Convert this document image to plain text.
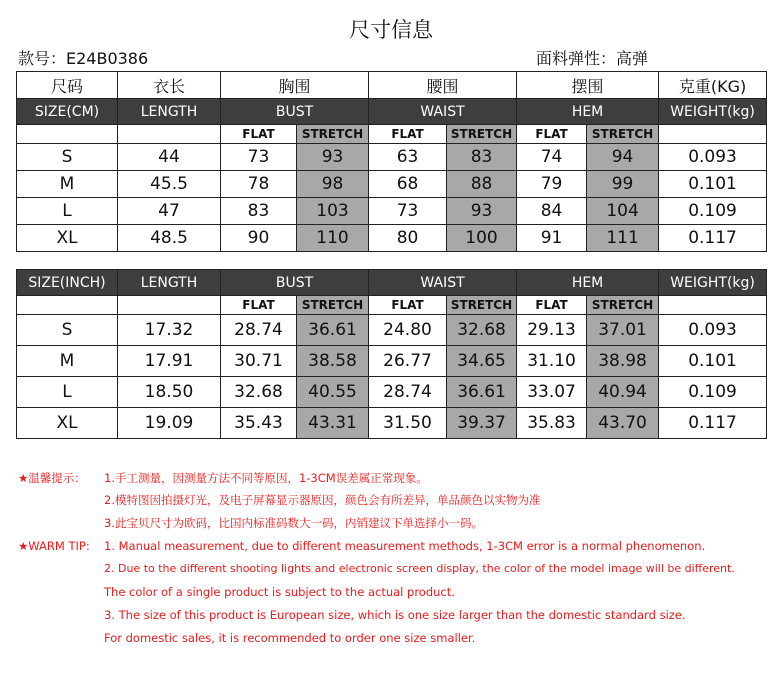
尺寸信息
款号：E24B0386	面料弹性：高弹
尺码	衣长	胸围		腰围		摆围		克重(KG)
SIZE(CM)	LENGTH	BUST		WAIST		HEM		WEIGHT(kg)
		FLAT	STRETCH	FLAT	STRETCH	FLAT	STRETCH	
S	44	73	93	63	83	74	94	0.093
M	45.5	78	98	68	88	79	99	0.101
L	47	83	103	73	93	84	104	0.109
XL	48.5	90	110	80	100	91	111	0.117
SIZE(INCH)	LENGTH	BUST		WAIST		HEM		WEIGHT(kg)
		FLAT	STRETCH	FLAT	STRETCH	FLAT	STRETCH	
S	17.32	28.74	36.61	24.80	32.68	29.13	37.01	0.093
M	17.91	30.71	38.58	26.77	34.65	31.10	38.98	0.101
L	18.50	32.68	40.55	28.74	36.61	33.07	40.94	0.109
XL	19.09	35.43	43.31	31.50	39.37	35.83	43.70	0.117
★温馨提示： 1.手工测量，因测量方法不同等原因，1-3CM误差属正常现象。
2.模特图因拍摄灯光，及电子屏幕显示器原因，颜色会有所差异，单品颜色以实物为准
3.此宝贝尺寸为欧码，比国内标准码数大一码，内销建议下单选择小一码。
★WARM TIP: 1. Manual measurement, due to different measurement methods, 1-3CM error is a normal phenomenon.
2. Due to the different shooting lights and electronic screen display, the color of the model image will be different.
The color of a single product is subject to the actual product.
3. The size of this product is European size, which is one size larger than the domestic standard size.
For domestic sales, it is recommended to order one size smaller.
